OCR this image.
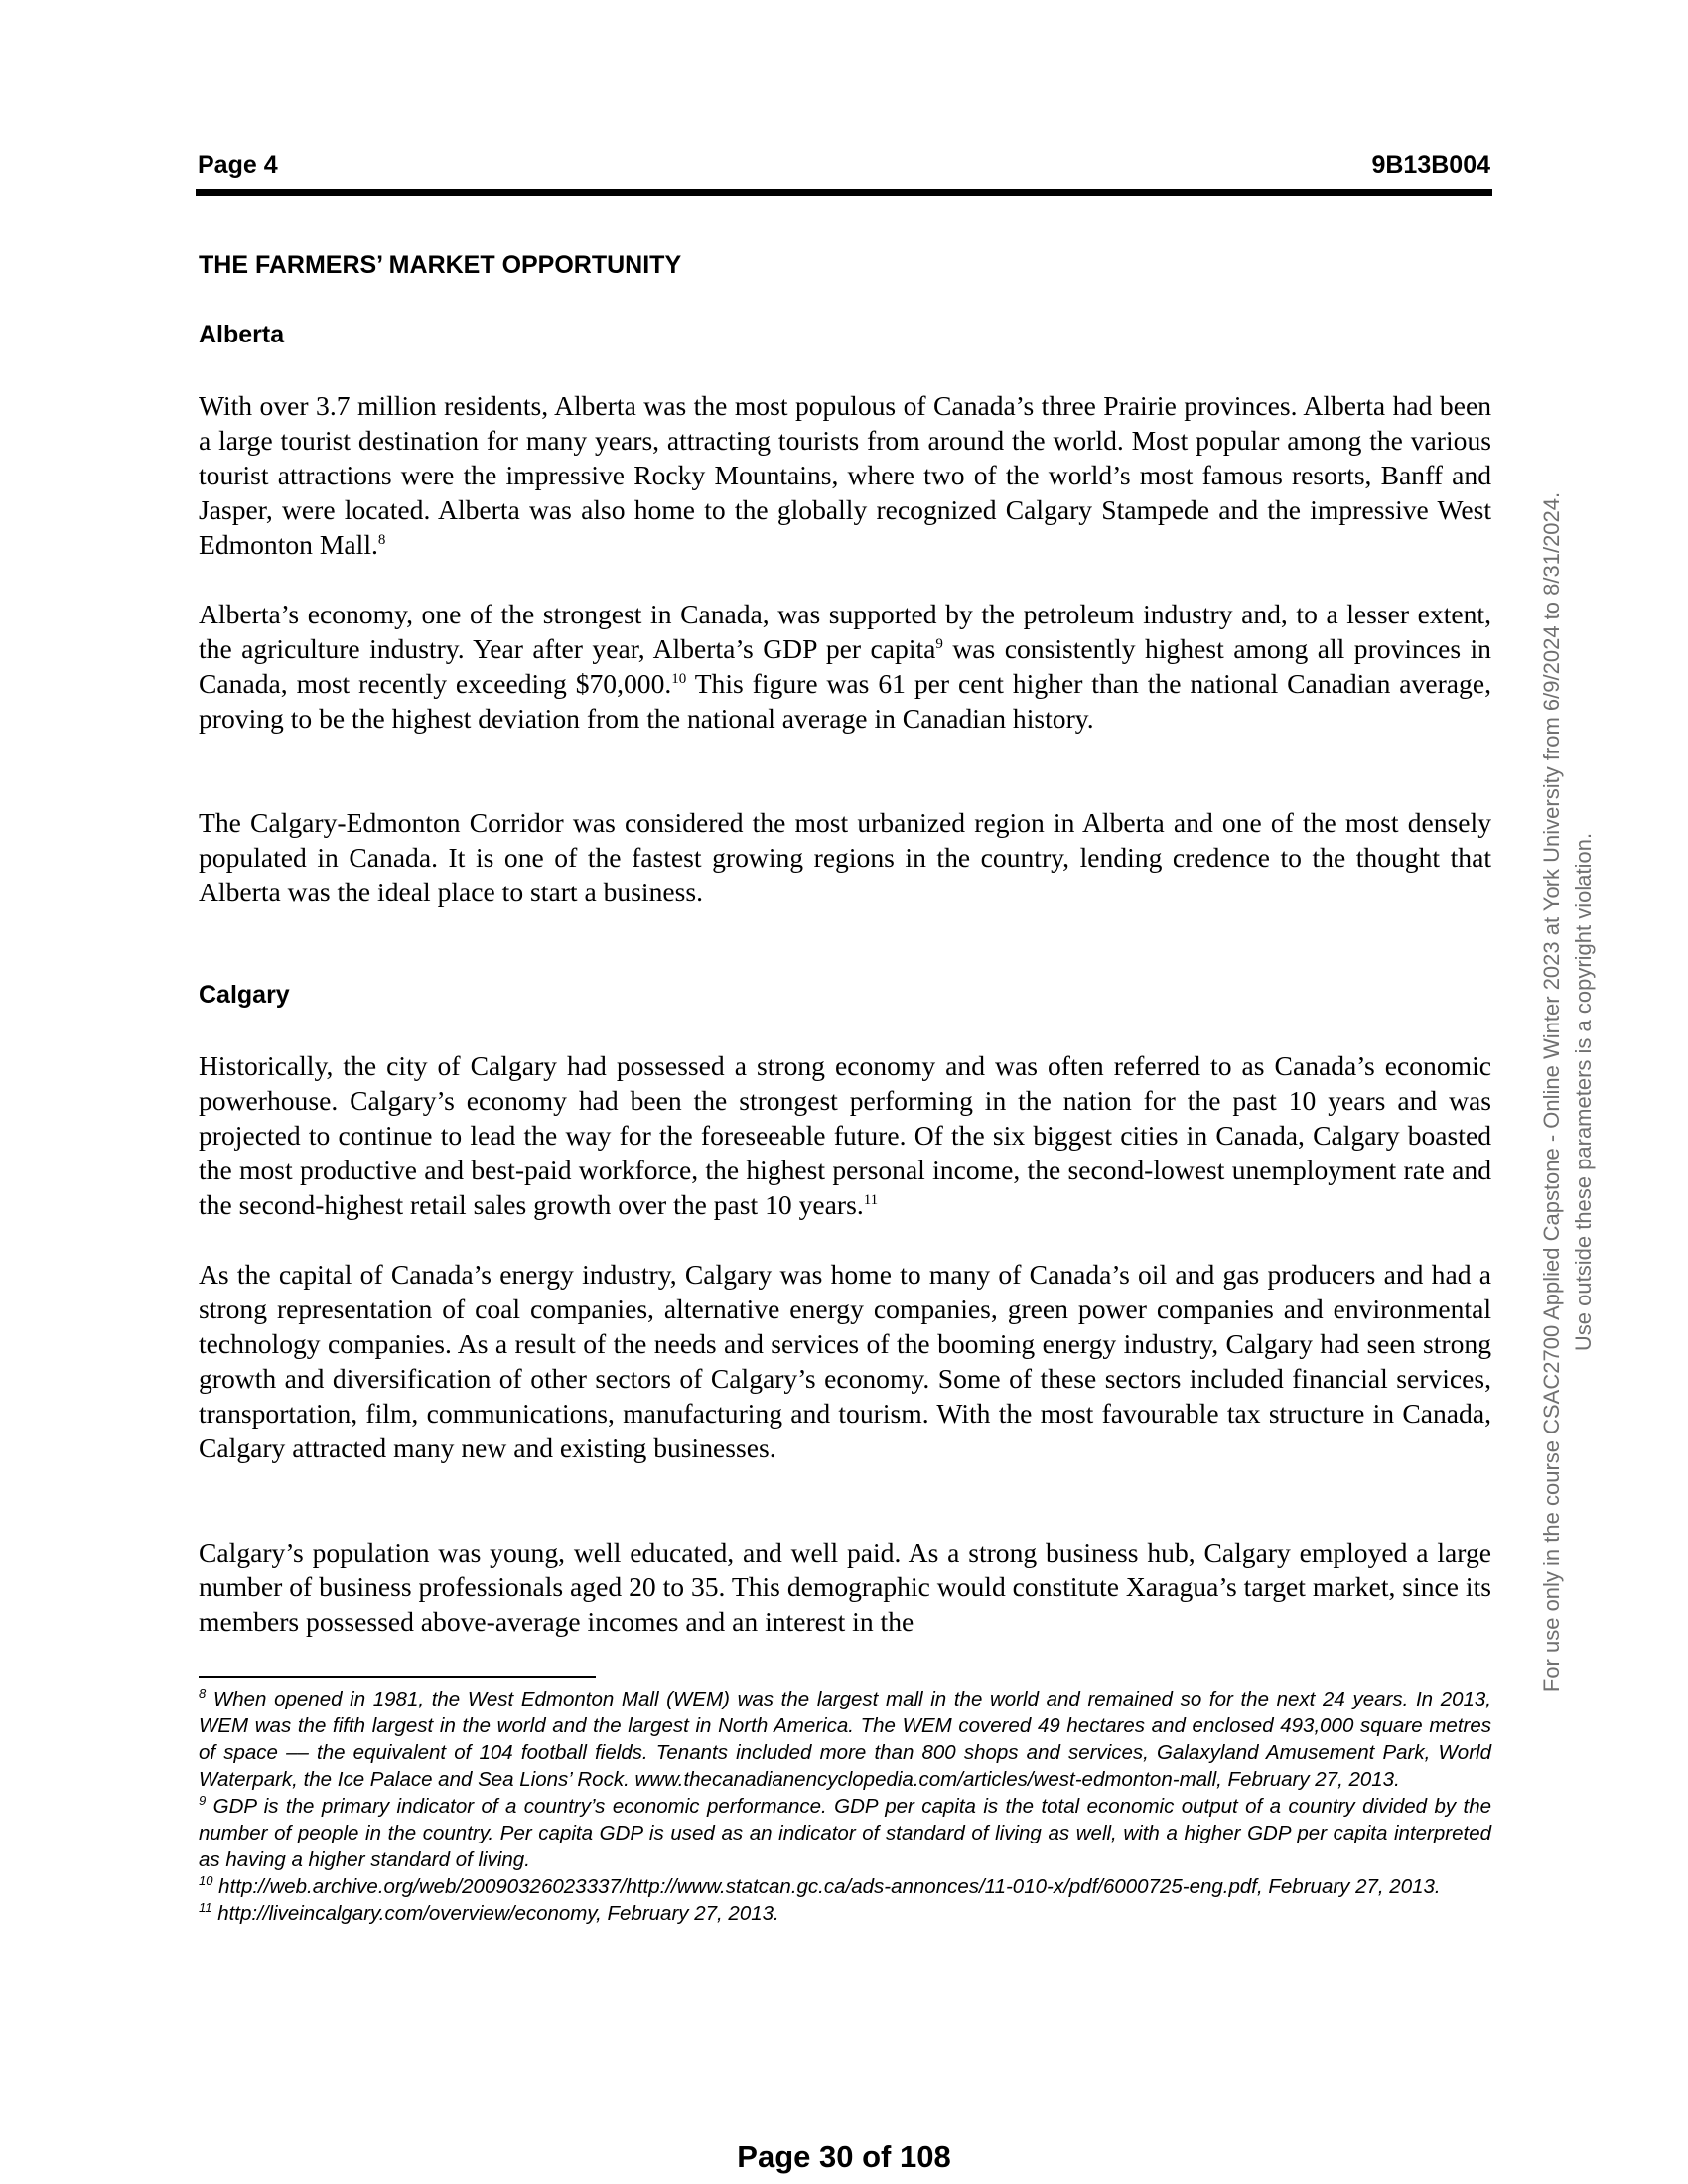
Page 4	9B13B004
THE FARMERS’ MARKET OPPORTUNITY
Alberta

With over 3.7 million residents, Alberta was the most populous of Canada’s three Prairie provinces. Alberta had been a large tourist destination for many years, attracting tourists from around the world. Most popular among the various tourist attractions were the impressive Rocky Mountains, where two of the world’s most famous resorts, Banff and Jasper, were located. Alberta was also home to the globally recognized Calgary Stampede and the impressive West Edmonton Mall.$^8$

Alberta’s economy, one of the strongest in Canada, was supported by the petroleum industry and, to a lesser extent, the agriculture industry. Year after year, Alberta’s GDP per capita$^9$ was consistently highest among all provinces in Canada, most recently exceeding $70,000.10 This figure was 61 per cent higher than the national Canadian average, proving to be the highest deviation from the national average in Canadian history.

The Calgary-Edmonton Corridor was considered the most urbanized region in Alberta and one of the most densely populated in Canada. It is one of the fastest growing regions in the country, lending credence to the thought that Alberta was the ideal place to start a business.

Calgary

Historically, the city of Calgary had possessed a strong economy and was often referred to as Canada’s economic powerhouse. Calgary’s economy had been the strongest performing in the nation for the past 10 years and was projected to continue to lead the way for the foreseeable future. Of the six biggest cities in Canada, Calgary boasted the most productive and best-paid workforce, the highest personal income, the second-lowest unemployment rate and the second-highest retail sales growth over the past 10 years.$^{11}$

As the capital of Canada’s energy industry, Calgary was home to many of Canada’s oil and gas producers and had a strong representation of coal companies, alternative energy companies, green power companies and environmental technology companies. As a result of the needs and services of the booming energy industry, Calgary had seen strong growth and diversification of other sectors of Calgary’s economy. Some of these sectors included financial services, transportation, film, communications, manufacturing and tourism. With the most favourable tax structure in Canada, Calgary attracted many new and existing businesses.

Calgary’s population was young, well educated, and well paid. As a strong business hub, Calgary employed a large number of business professionals aged 20 to 35. This demographic would constitute Xaragua’s target market, since its members possessed above-average incomes and an interest in the

$^8$ When opened in 1981, the West Edmonton Mall (WEM) was the largest mall in the world and remained so for the next 24 years. In 2013, WEM was the fifth largest in the world and the largest in North America. The WEM covered 49 hectares and enclosed 493,000 square metres of space –– the equivalent of 104 football fields. Tenants included more than 800 shops and services, Galaxyland Amusement Park, World Waterpark, the Ice Palace and Sea Lions’ Rock. www.thecanadianencyclopedia.com/articles/west-edmonton-mall, February 27, 2013.

$^9$ GDP is the primary indicator of a country’s economic performance. GDP per capita is the total economic output of a country divided by the number of people in the country. Per capita GDP is used as an indicator of standard of living as well, with a higher GDP per capita interpreted as having a higher standard of living.

$^{10}$ http://web.archive.org/web/20090326023337/http://www.statcan.gc.ca/ads-annonces/11-010-x/pdf/6000725-eng.pdf, February 27, 2013.

$^{11}$ http://liveincalgary.com/overview/economy, February 27, 2013.

For use only in the course CSAC2700 Applied Capstone - Online Winter 2023 at York University from 6/9/2024 to 8/31/2024. Use outside these parameters is a copyright violation.
Page 30 of 108
